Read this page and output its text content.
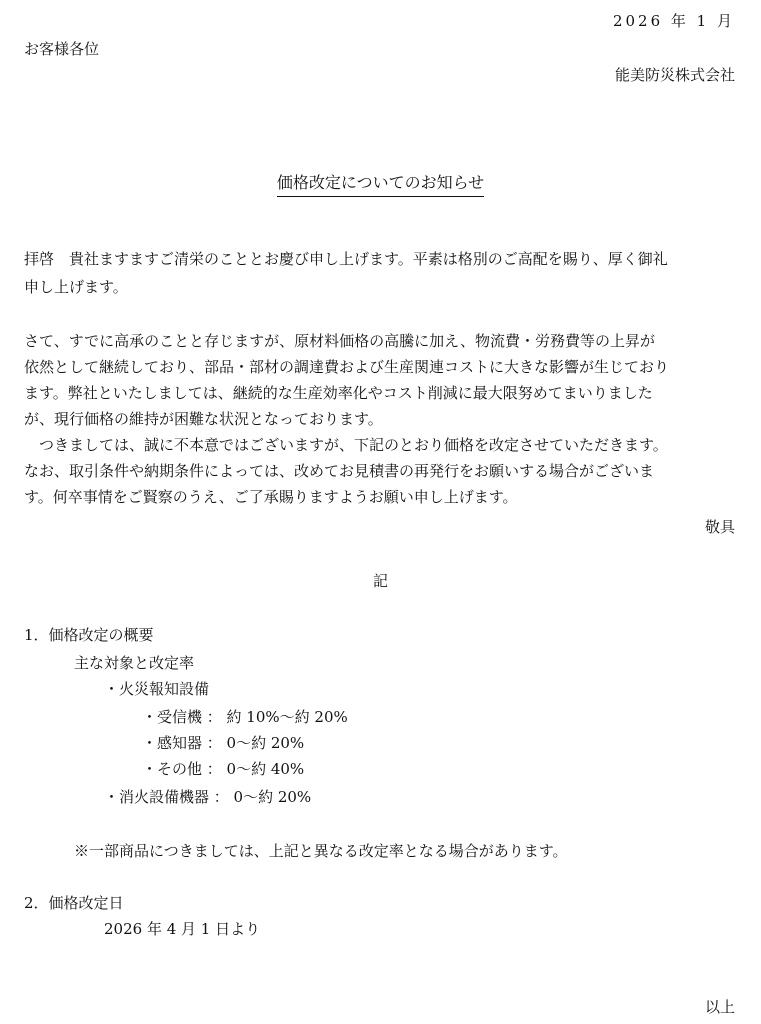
2026 年 1 月
お客様各位
能美防災株式会社
価格改定についてのお知らせ
拝啓　貴社ますますご清栄のこととお慶び申し上げます。平素は格別のご高配を賜り、厚く御礼
申し上げます。
さて、すでに高承のことと存じますが、原材料価格の高騰に加え、物流費・労務費等の上昇が
依然として継続しており、部品・部材の調達費および生産関連コストに大きな影響が生じており
ます。弊社といたしましては、継続的な生産効率化やコスト削減に最大限努めてまいりました
が、現行価格の維持が困難な状況となっております。
　つきましては、誠に不本意ではございますが、下記のとおり価格を改定させていただきます。
なお、取引条件や納期条件によっては、改めてお見積書の再発行をお願いする場合がございま
す。何卒事情をご賢察のうえ、ご了承賜りますようお願い申し上げます。
敬具
記
1．価格改定の概要
主な対象と改定率
・火災報知設備
・受信機 ： 約 10%～約 20%
・感知器 ： 0～約 20%
・その他 ： 0～約 40%
・消火設備機器 ： 0～約 20%
※一部商品につきましては、上記と異なる改定率となる場合があります。
2．価格改定日
2026 年 4 月 1 日より
以上
